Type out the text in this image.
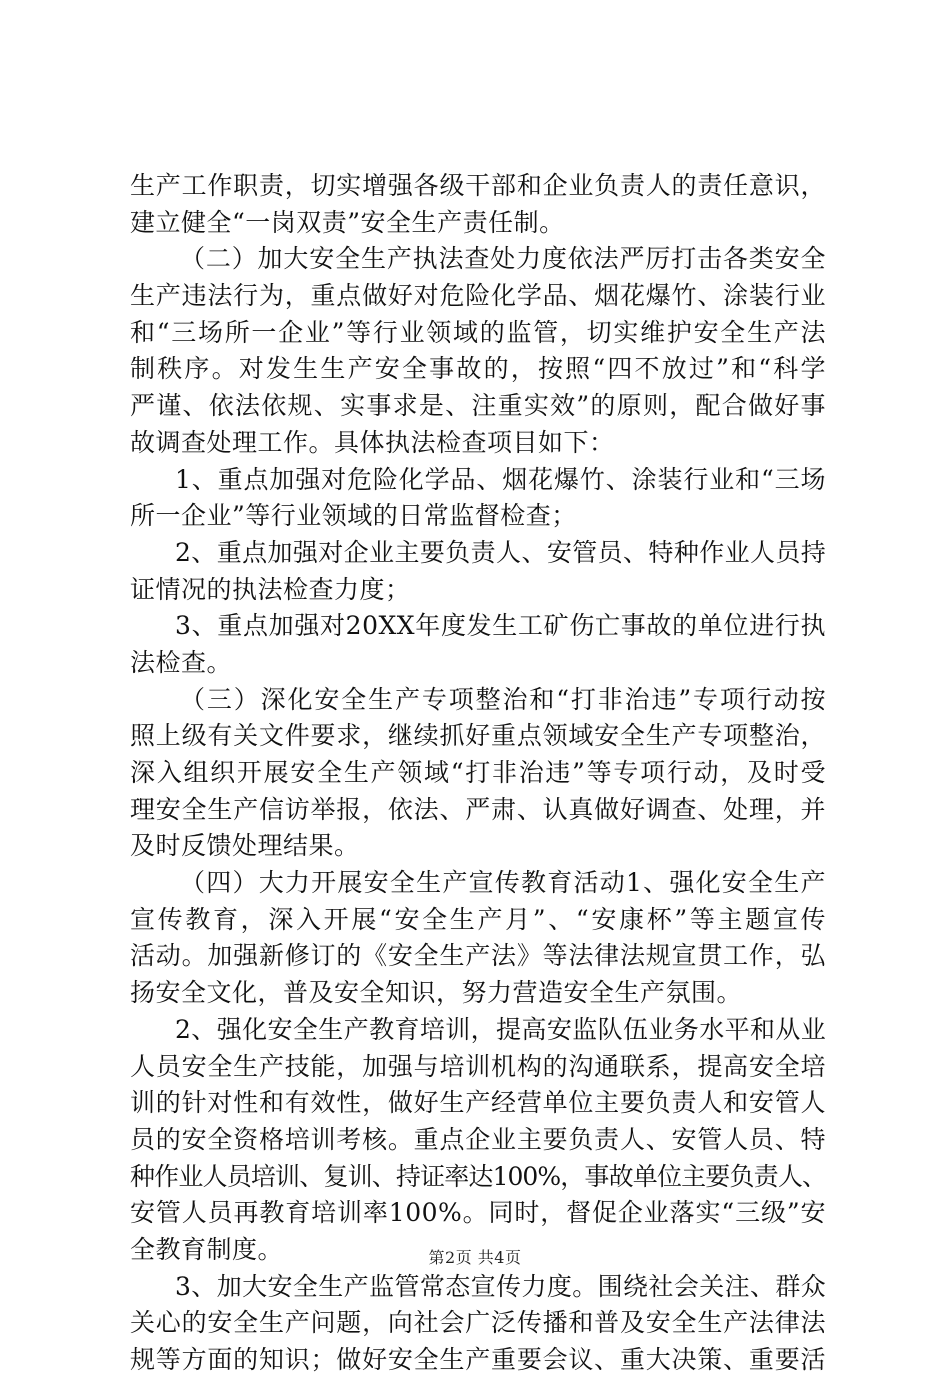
生产工作职责，切实增强各级干部和企业负责人的责任意识，
建立健全“一岗双责”安全生产责任制。
（二）加大安全生产执法查处力度依法严厉打击各类安全
生产违法行为，重点做好对危险化学品、烟花爆竹、涂装行业
和“三场所一企业”等行业领域的监管，切实维护安全生产法
制秩序。对发生生产安全事故的，按照“四不放过”和“科学
严谨、依法依规、实事求是、注重实效”的原则，配合做好事
故调查处理工作。具体执法检查项目如下：
1、重点加强对危险化学品、烟花爆竹、涂装行业和“三场
所一企业”等行业领域的日常监督检查；
2、重点加强对企业主要负责人、安管员、特种作业人员持
证情况的执法检查力度；
3、重点加强对20XX年度发生工矿伤亡事故的单位进行执
法检查。
（三）深化安全生产专项整治和“打非治违”专项行动按
照上级有关文件要求，继续抓好重点领域安全生产专项整治，
深入组织开展安全生产领域“打非治违”等专项行动，及时受
理安全生产信访举报，依法、严肃、认真做好调查、处理，并
及时反馈处理结果。
（四）大力开展安全生产宣传教育活动1、强化安全生产
宣传教育，深入开展“安全生产月”、“安康杯”等主题宣传
活动。加强新修订的《安全生产法》等法律法规宣贯工作，弘
扬安全文化，普及安全知识，努力营造安全生产氛围。
2、强化安全生产教育培训，提高安监队伍业务水平和从业
人员安全生产技能，加强与培训机构的沟通联系，提高安全培
训的针对性和有效性，做好生产经营单位主要负责人和安管人
员的安全资格培训考核。重点企业主要负责人、安管人员、特
种作业人员培训、复训、持证率达100%，事故单位主要负责人、
安管人员再教育培训率100%。同时，督促企业落实“三级”安
全教育制度。
3、加大安全生产监管常态宣传力度。围绕社会关注、群众
关心的安全生产问题，向社会广泛传播和普及安全生产法律法
规等方面的知识；做好安全生产重要会议、重大决策、重要活
第2页 共4页
